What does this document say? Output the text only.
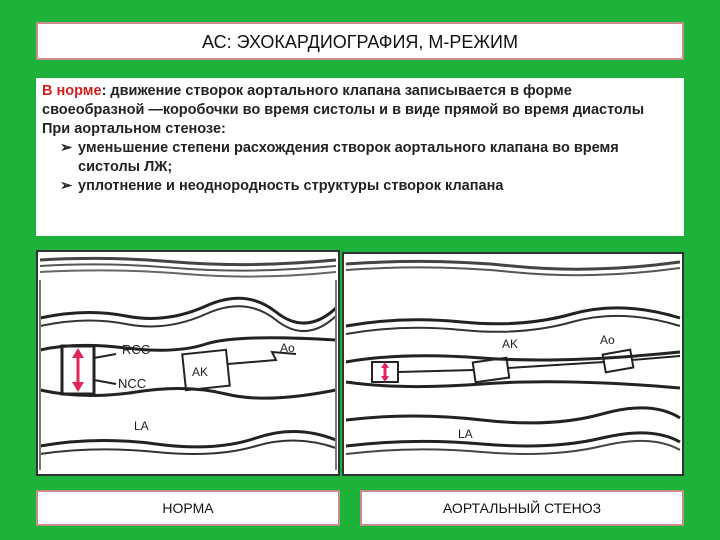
АС: ЭХОКАРДИОГРАФИЯ, М-РЕЖИМ

В норме: движение створок аортального клапана записывается в форме своеобразной —коробочки во время систолы и в виде прямой во время диастолы

При аортальном стенозе:

➢ уменьшение степени расхождения створок аортального клапана во время систолы ЛЖ;

➢ уплотнение и неоднородность структуры створок клапана

RCC
NCC
AK
Ao
LA
AK	Ao
LA
НОРМА	АОРТАЛЬНЫЙ СТЕНОЗ
